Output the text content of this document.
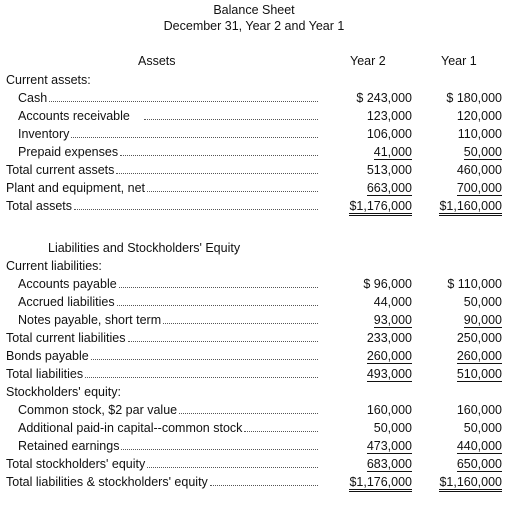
Balance Sheet
December 31, Year 2 and Year 1
Assets	Year 2	Year 1
Current assets:
Cash	$ 243,000	$ 180,000
Accounts receivable	123,000	120,000
Inventory	106,000	110,000
Prepaid expenses	41,000	50,000
Total current assets	513,000	460,000
Plant and equipment, net	663,000	700,000
Total assets	$1,176,000	$1,160,000
Liabilities and Stockholders' Equity
Current liabilities:
Accounts payable	$ 96,000	$ 110,000
Accrued liabilities	44,000	50,000
Notes payable, short term	93,000	90,000
Total current liabilities	233,000	250,000
Bonds payable	260,000	260,000
Total liabilities	493,000	510,000
Stockholders' equity:
Common stock, $2 par value	160,000	160,000
Additional paid-in capital--common stock	50,000	50,000
Retained earnings	473,000	440,000
Total stockholders' equity	683,000	650,000
Total liabilities & stockholders' equity	$1,176,000	$1,160,000
